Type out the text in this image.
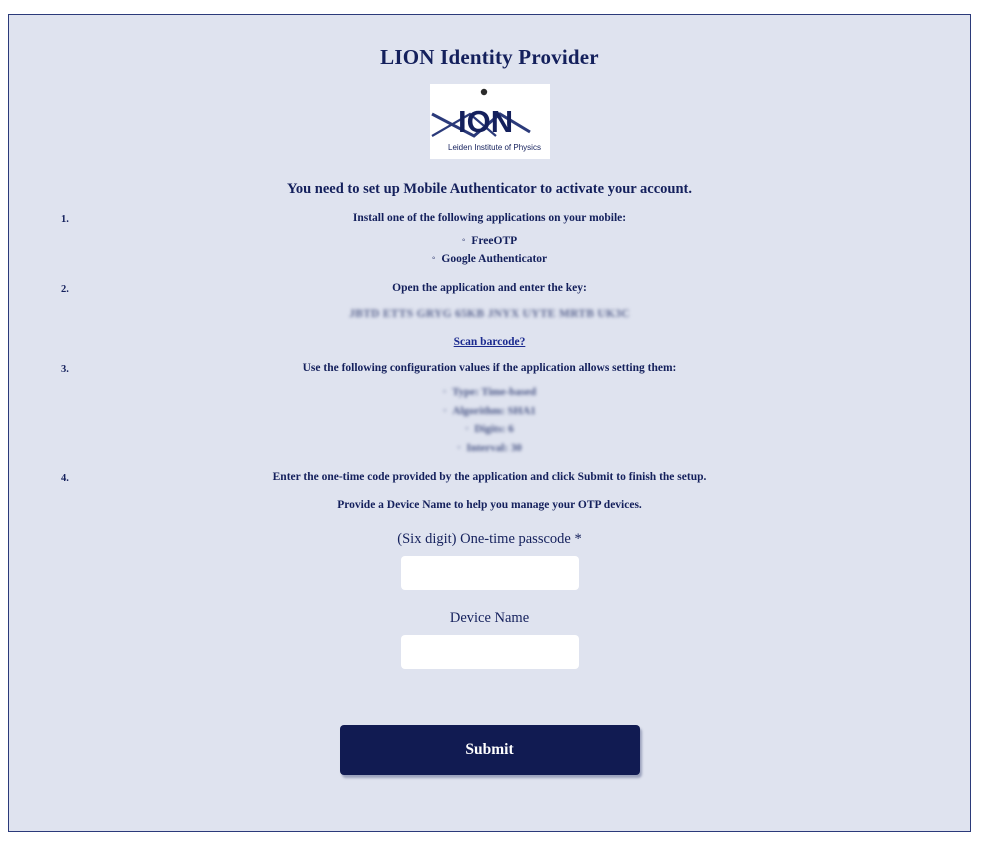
LION Identity Provider
ION
Leiden Institute of Physics
You need to set up Mobile Authenticator to activate your account.
1.	Install one of the following applications on your mobile:
◦ FreeOTP
◦ Google Authenticator
2.	Open the application and enter the key:
JBTD ETTS GRYG 65KB JNYX UYTE MRTB UK3C
Scan barcode?
3.	Use the following configuration values if the application allows setting them:
◦ Type: Time-based
◦ Algorithm: SHA1
◦ Digits: 6
◦ Interval: 30
4.	Enter the one-time code provided by the application and click Submit to finish the setup.
Provide a Device Name to help you manage your OTP devices.
(Six digit) One-time passcode *
Device Name
Submit
